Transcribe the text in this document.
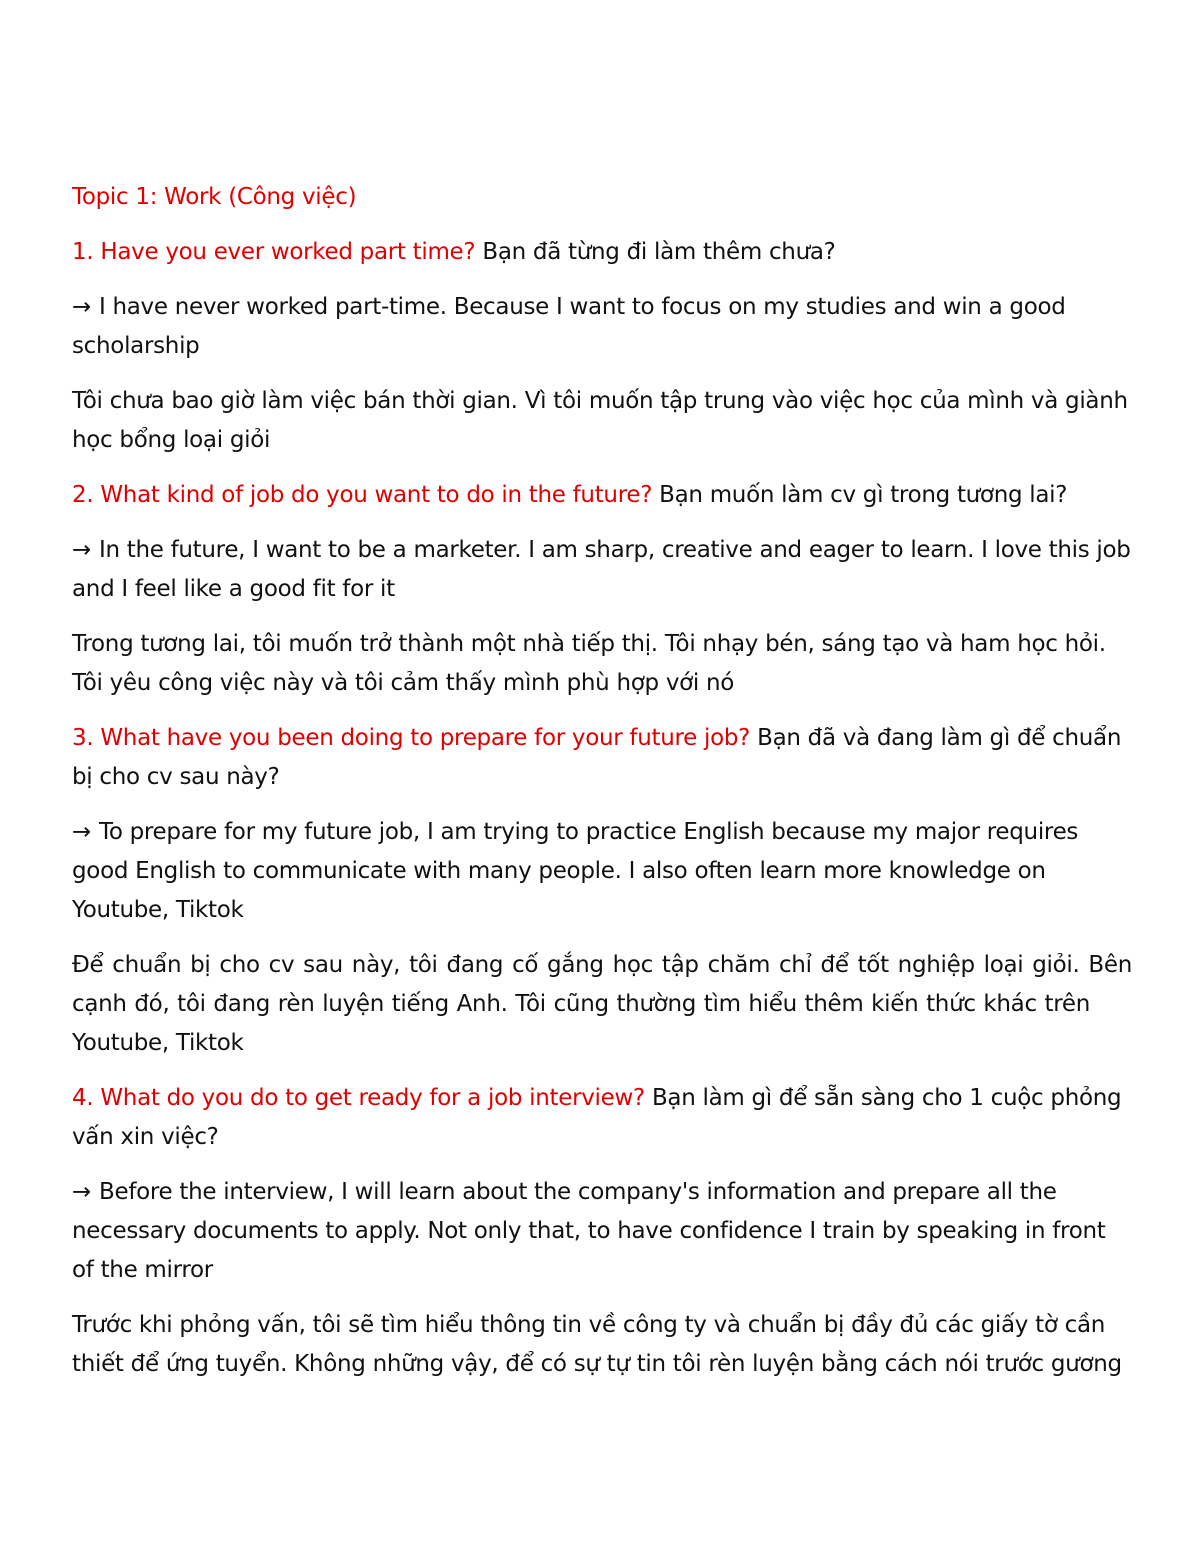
Topic 1: Work (Công việc)

1. Have you ever worked part time? Bạn đã từng đi làm thêm chưa?

→ I have never worked part-time. Because I want to focus on my studies and win a good scholarship

Tôi chưa bao giờ làm việc bán thời gian. Vì tôi muốn tập trung vào việc học của mình và giành học bổng loại giỏi

2. What kind of job do you want to do in the future? Bạn muốn làm cv gì trong tương lai?

→ In the future, I want to be a marketer. I am sharp, creative and eager to learn. I love this job and I feel like a good fit for it

Trong tương lai, tôi muốn trở thành một nhà tiếp thị. Tôi nhạy bén, sáng tạo và ham học hỏi. Tôi yêu công việc này và tôi cảm thấy mình phù hợp với nó

3. What have you been doing to prepare for your future job? Bạn đã và đang làm gì để chuẩn bị cho cv sau này?

→ To prepare for my future job, I am trying to practice English because my major requires good English to communicate with many people. I also often learn more knowledge on Youtube, Tiktok

Để chuẩn bị cho cv sau này, tôi đang cố gắng học tập chăm chỉ để tốt nghiệp loại giỏi. Bên cạnh đó, tôi đang rèn luyện tiếng Anh. Tôi cũng thường tìm hiểu thêm kiến thức khác trênYoutube, Tiktok

4. What do you do to get ready for a job interview? Bạn làm gì để sẵn sàng cho 1 cuộc phỏng vấn xin việc?

→ Before the interview, I will learn about the company's information and prepare all the necessary documents to apply. Not only that, to have confidence I train by speaking in front of the mirror

Trước khi phỏng vấn, tôi sẽ tìm hiểu thông tin về công ty và chuẩn bị đầy đủ các giấy tờ cần thiết để ứng tuyển. Không những vậy, để có sự tự tin tôi rèn luyện bằng cách nói trước gương
